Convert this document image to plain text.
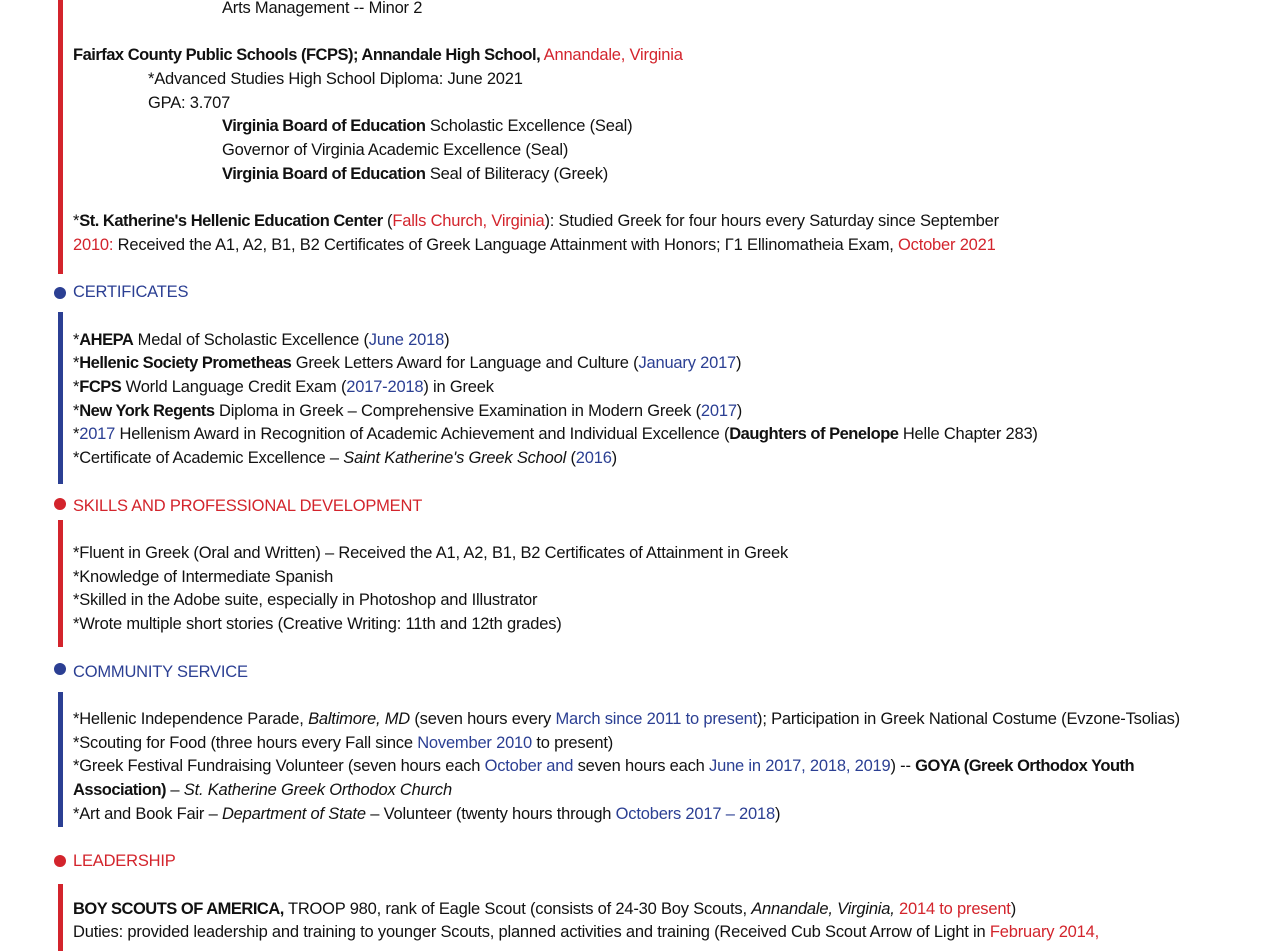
Arts Management -- Minor 2
Fairfax County Public Schools (FCPS); Annandale High School, Annandale, Virginia
*Advanced Studies High School Diploma: June 2021
GPA: 3.707
Virginia Board of Education Scholastic Excellence (Seal)
Governor of Virginia Academic Excellence (Seal)
Virginia Board of Education Seal of Biliteracy (Greek)
*St. Katherine's Hellenic Education Center (Falls Church, Virginia): Studied Greek for four hours every Saturday since September
2010: Received the A1, A2, B1, B2 Certificates of Greek Language Attainment with Honors; Γ1 Ellinomatheia Exam, October 2021
CERTIFICATES
*AHEPA Medal of Scholastic Excellence (June 2018)
*Hellenic Society Prometheas Greek Letters Award for Language and Culture (January 2017)
*FCPS World Language Credit Exam (2017-2018) in Greek
*New York Regents Diploma in Greek – Comprehensive Examination in Modern Greek (2017)
*2017 Hellenism Award in Recognition of Academic Achievement and Individual Excellence (Daughters of Penelope Helle Chapter 283)
*Certificate of Academic Excellence – Saint Katherine's Greek School (2016)
SKILLS AND PROFESSIONAL DEVELOPMENT
*Fluent in Greek (Oral and Written) – Received the A1, A2, B1, B2 Certificates of Attainment in Greek
*Knowledge of Intermediate Spanish
*Skilled in the Adobe suite, especially in Photoshop and Illustrator
*Wrote multiple short stories (Creative Writing: 11th and 12th grades)
COMMUNITY SERVICE
*Hellenic Independence Parade, Baltimore, MD (seven hours every March since 2011 to present); Participation in Greek National Costume (Evzone-Tsolias)
*Scouting for Food (three hours every Fall since November 2010 to present)
*Greek Festival Fundraising Volunteer (seven hours each October and seven hours each June in 2017, 2018, 2019) -- GOYA (Greek Orthodox Youth
Association) – St. Katherine Greek Orthodox Church
*Art and Book Fair – Department of State – Volunteer (twenty hours through Octobers 2017 – 2018)
LEADERSHIP
BOY SCOUTS OF AMERICA, TROOP 980, rank of Eagle Scout (consists of 24-30 Boy Scouts, Annandale, Virginia, 2014 to present)
Duties: provided leadership and training to younger Scouts, planned activities and training (Received Cub Scout Arrow of Light in February 2014,
